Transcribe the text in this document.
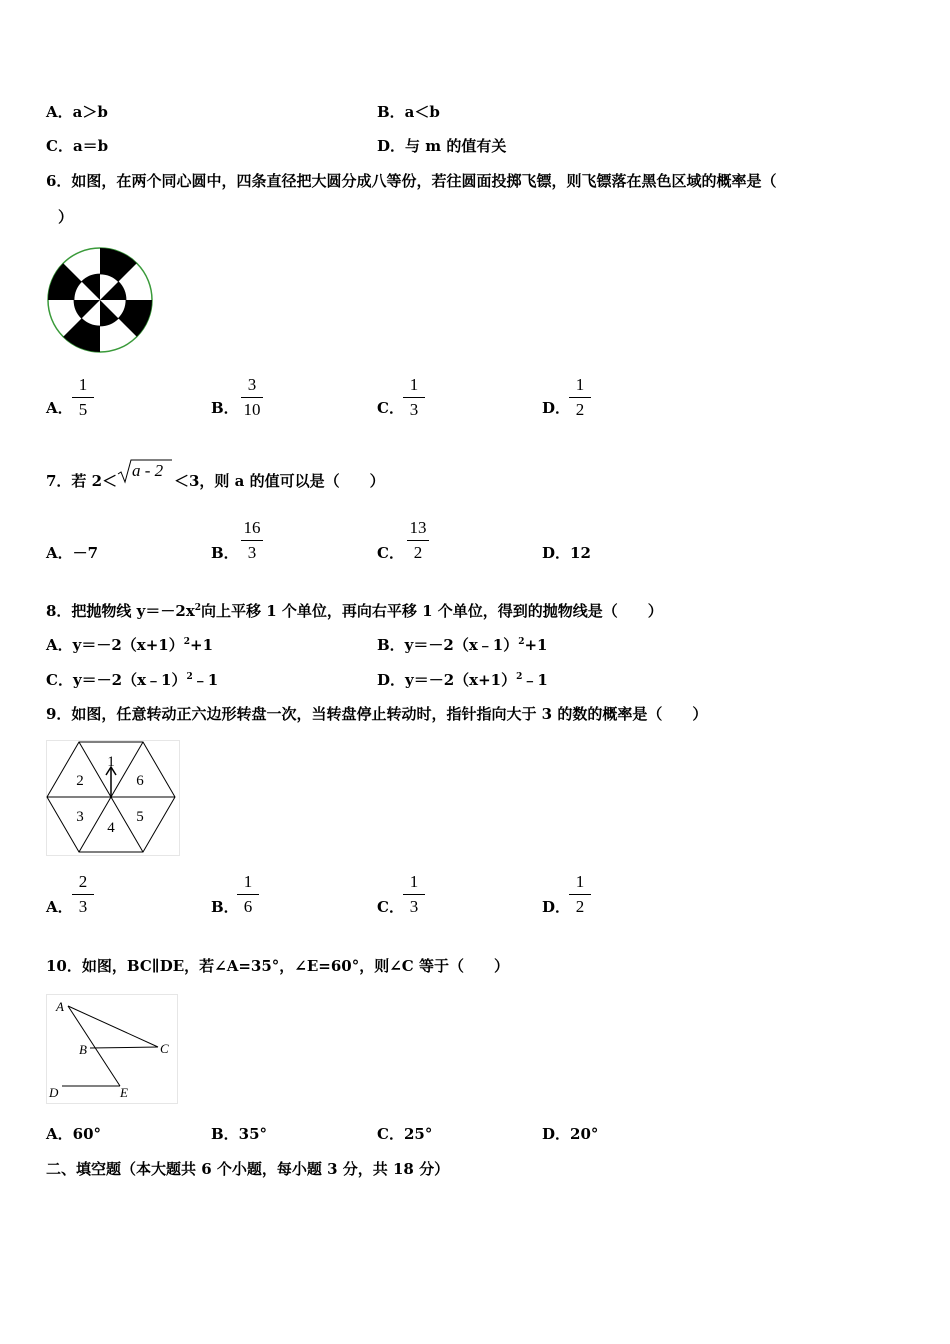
A．a＞b	B．a＜b
C．a＝b	D．与 m 的值有关
6．如图，在两个同心圆中，四条直径把大圆分成八等份，若往圆面投掷飞镖，则飞镖落在黑色区域的概率是（
）
A．
1
5	B．
3
10	C．
1
3	D．
1
2
7．若 2＜
a - 2
＜3，则 a 的值可以是（　　）
A．－7	B．
16
3	C．
13
2	D．12
8．把抛物线 $y=-2x^2$向上平移 1 个单位，再向右平移 1 个单位，得到的抛物线是（　　）
A．$y=-2(x+1)^2+1$	B．y＝－2（x﹣1）$^2$+1
C．y＝－2（x﹣1）$^2$﹣1	D．$y=-2(x+1)^2﹣1$
9．如图，任意转动正六边形转盘一次，当转盘停止转动时，指针指向大于 3 的数的概率是（　　）
1
6
5
4
3
2
A．
2
3	B．
1
6	C．
1
3	D．
1
2
10．如图，BC∥DE，若∠A=35°，∠E=60°，则∠C 等于（　　）
A
B	C
D	E
A．60°	B．35°	C．25°	D．20°
二、填空题（本大题共 6 个小题，每小题 3 分，共 18 分）
